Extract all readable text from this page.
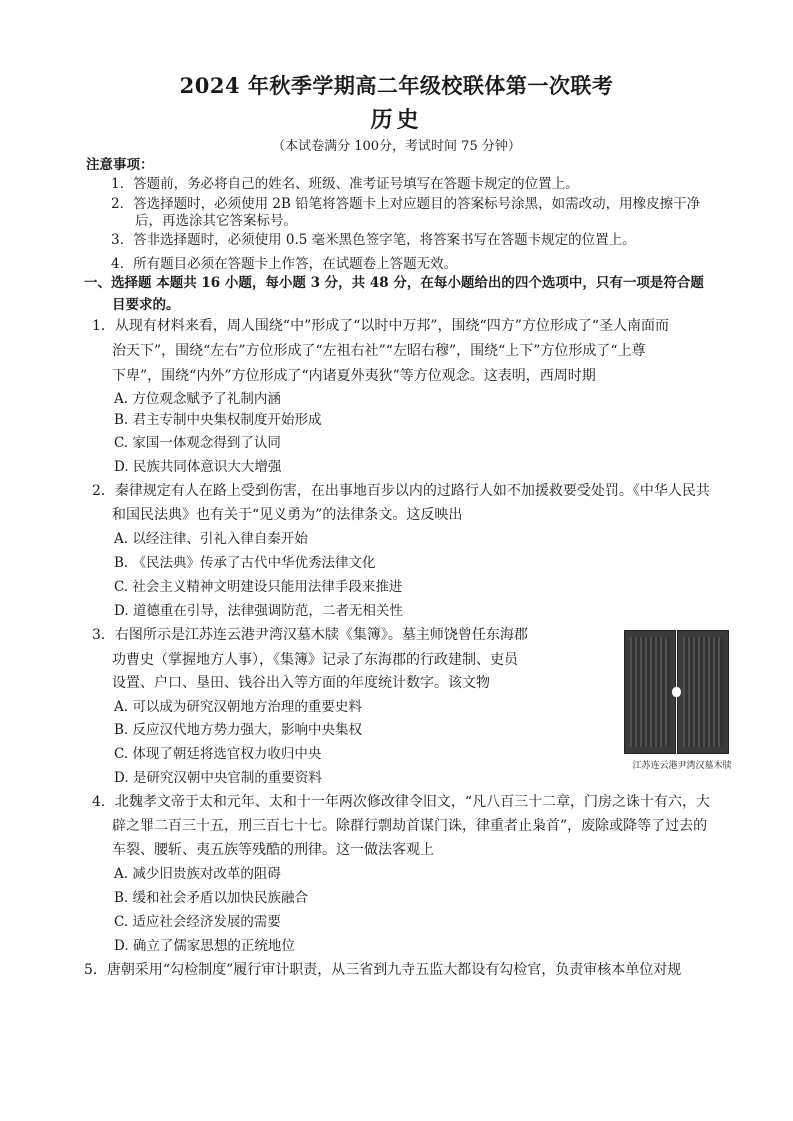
2024 年秋季学期高二年级校联体第一次联考
历史
（本试卷满分 100分，考试时间 75 分钟）
注意事项：
1．答题前，务必将自己的姓名、班级、准考证号填写在答题卡规定的位置上。
2．答选择题时，必须使用 2B 铅笔将答题卡上对应题目的答案标号涂黑，如需改动，用橡皮擦干净
后，再选涂其它答案标号。
3．答非选择题时，必须使用 0.5 毫米黑色签字笔，将答案书写在答题卡规定的位置上。
4．所有题目必须在答题卡上作答，在试题卷上答题无效。
一、选择题 本题共 16 小题，每小题 3 分，共 48 分，在每小题给出的四个选项中，只有一项是符合题
目要求的。
1．从现有材料来看，周人围绕“中”形成了“以时中万邦”，围绕“四方”方位形成了“圣人南面而
治天下”，围绕“左右”方位形成了“左祖右社”“左昭右穆”，围绕“上下”方位形成了“上尊
下卑”，围绕“内外”方位形成了“内诸夏外夷狄”等方位观念。这表明，西周时期
A. 方位观念赋予了礼制内涵
B. 君主专制中央集权制度开始形成
C. 家国一体观念得到了认同
D. 民族共同体意识大大增强
2．秦律规定有人在路上受到伤害，在出事地百步以内的过路行人如不加援救要受处罚。《中华人民共
和国民法典》也有关于“见义勇为”的法律条文。这反映出
A. 以经注律、引礼入律自秦开始
B. 《民法典》传承了古代中华优秀法律文化
C. 社会主义精神文明建设只能用法律手段来推进
D. 道德重在引导，法律强调防范，二者无相关性
3．右图所示是江苏连云港尹湾汉墓木牍《集簿》。墓主师饶曾任东海郡
功曹史（掌握地方人事），《集簿》记录了东海郡的行政建制、吏员
设置、户口、垦田、钱谷出入等方面的年度统计数字。该文物
A. 可以成为研究汉朝地方治理的重要史料
B. 反应汉代地方势力强大，影响中央集权
C. 体现了朝廷将选官权力收归中央
D. 是研究汉朝中央官制的重要资料
江苏连云港尹湾汉墓木牍
4．北魏孝文帝于太和元年、太和十一年两次修改律令旧文，“凡八百三十二章，门房之诛十有六，大
辟之罪二百三十五，刑三百七十七。除群行剽劫首谋门诛，律重者止枭首”，废除或降等了过去的
车裂、腰斩、夷五族等残酷的刑律。这一做法客观上
A. 减少旧贵族对改革的阻碍
B. 缓和社会矛盾以加快民族融合
C. 适应社会经济发展的需要
D. 确立了儒家思想的正统地位
5．唐朝采用“勾检制度”履行审计职责，从三省到九寺五监大都设有勾检官，负责审核本单位对规
